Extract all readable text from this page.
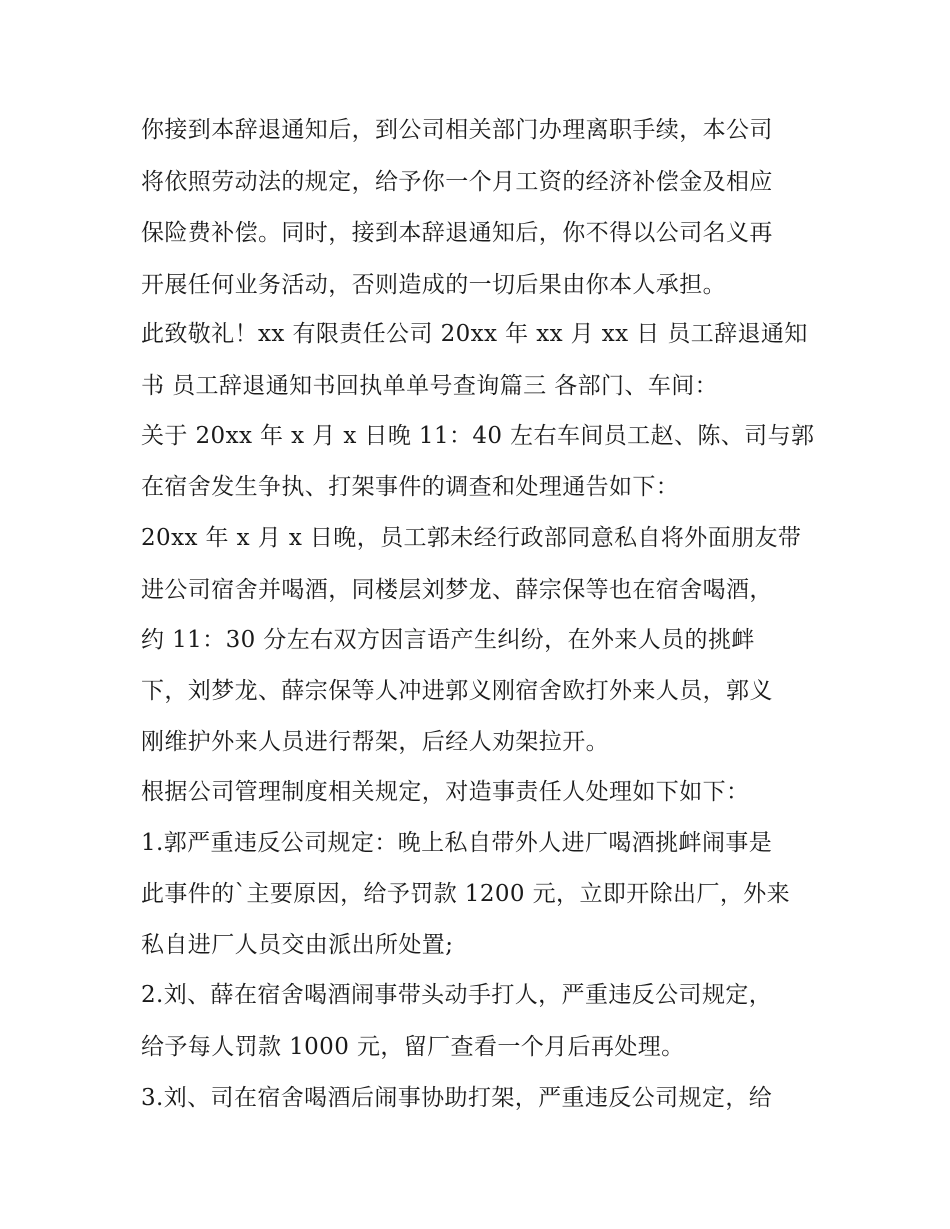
你接到本辞退通知后，到公司相关部门办理离职手续，本公司
将依照劳动法的规定，给予你一个月工资的经济补偿金及相应
保险费补偿。同时，接到本辞退通知后，你不得以公司名义再
开展任何业务活动，否则造成的一切后果由你本人承担。
此致敬礼！xx 有限责任公司 20xx 年 xx 月 xx 日 员工辞退通知
书 员工辞退通知书回执单单号查询篇三 各部门、车间：
关于 20xx 年 x 月 x 日晚 11：40 左右车间员工赵、陈、司与郭
在宿舍发生争执、打架事件的调查和处理通告如下：
20xx 年 x 月 x 日晚，员工郭未经行政部同意私自将外面朋友带
进公司宿舍并喝酒，同楼层刘梦龙、薛宗保等也在宿舍喝酒，
约 11：30 分左右双方因言语产生纠纷，在外来人员的挑衅
下，刘梦龙、薛宗保等人冲进郭义刚宿舍欧打外来人员，郭义
刚维护外来人员进行帮架，后经人劝架拉开。
根据公司管理制度相关规定，对造事责任人处理如下如下：
1.郭严重违反公司规定：晚上私自带外人进厂喝酒挑衅闹事是
此事件的`主要原因，给予罚款 1200 元，立即开除出厂，外来
私自进厂人员交由派出所处置;
2.刘、薛在宿舍喝酒闹事带头动手打人，严重违反公司规定，
给予每人罚款 1000 元，留厂查看一个月后再处理。
3.刘、司在宿舍喝酒后闹事协助打架，严重违反公司规定，给
